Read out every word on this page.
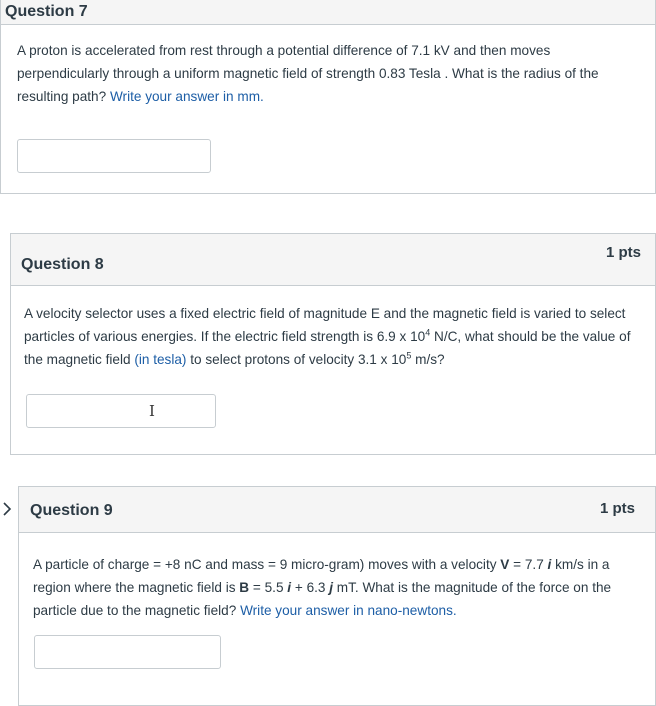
Question 7
A proton is accelerated from rest through a potential difference of 7.1 kV and then moves perpendicularly through a uniform magnetic field of strength 0.83 Tesla . What is the radius of the resulting path? Write your answer in mm.
Question 8
1 pts
A velocity selector uses a fixed electric field of magnitude E and the magnetic field is varied to select particles of various energies. If the electric field strength is 6.9 x $10^4$ N/C, what should be the value of the magnetic field (in tesla) to select protons of velocity 3.1 x $10^5$ m/s?
I
Question 9	1 pts
A particle of charge = +8 nC and mass = 9 micro-gram) moves with a velocity V = 7.7 i km/s in a region where the magnetic field is B = 5.5 i + 6.3 j mT. What is the magnitude of the force on the particle due to the magnetic field? Write your answer in nano-newtons.
